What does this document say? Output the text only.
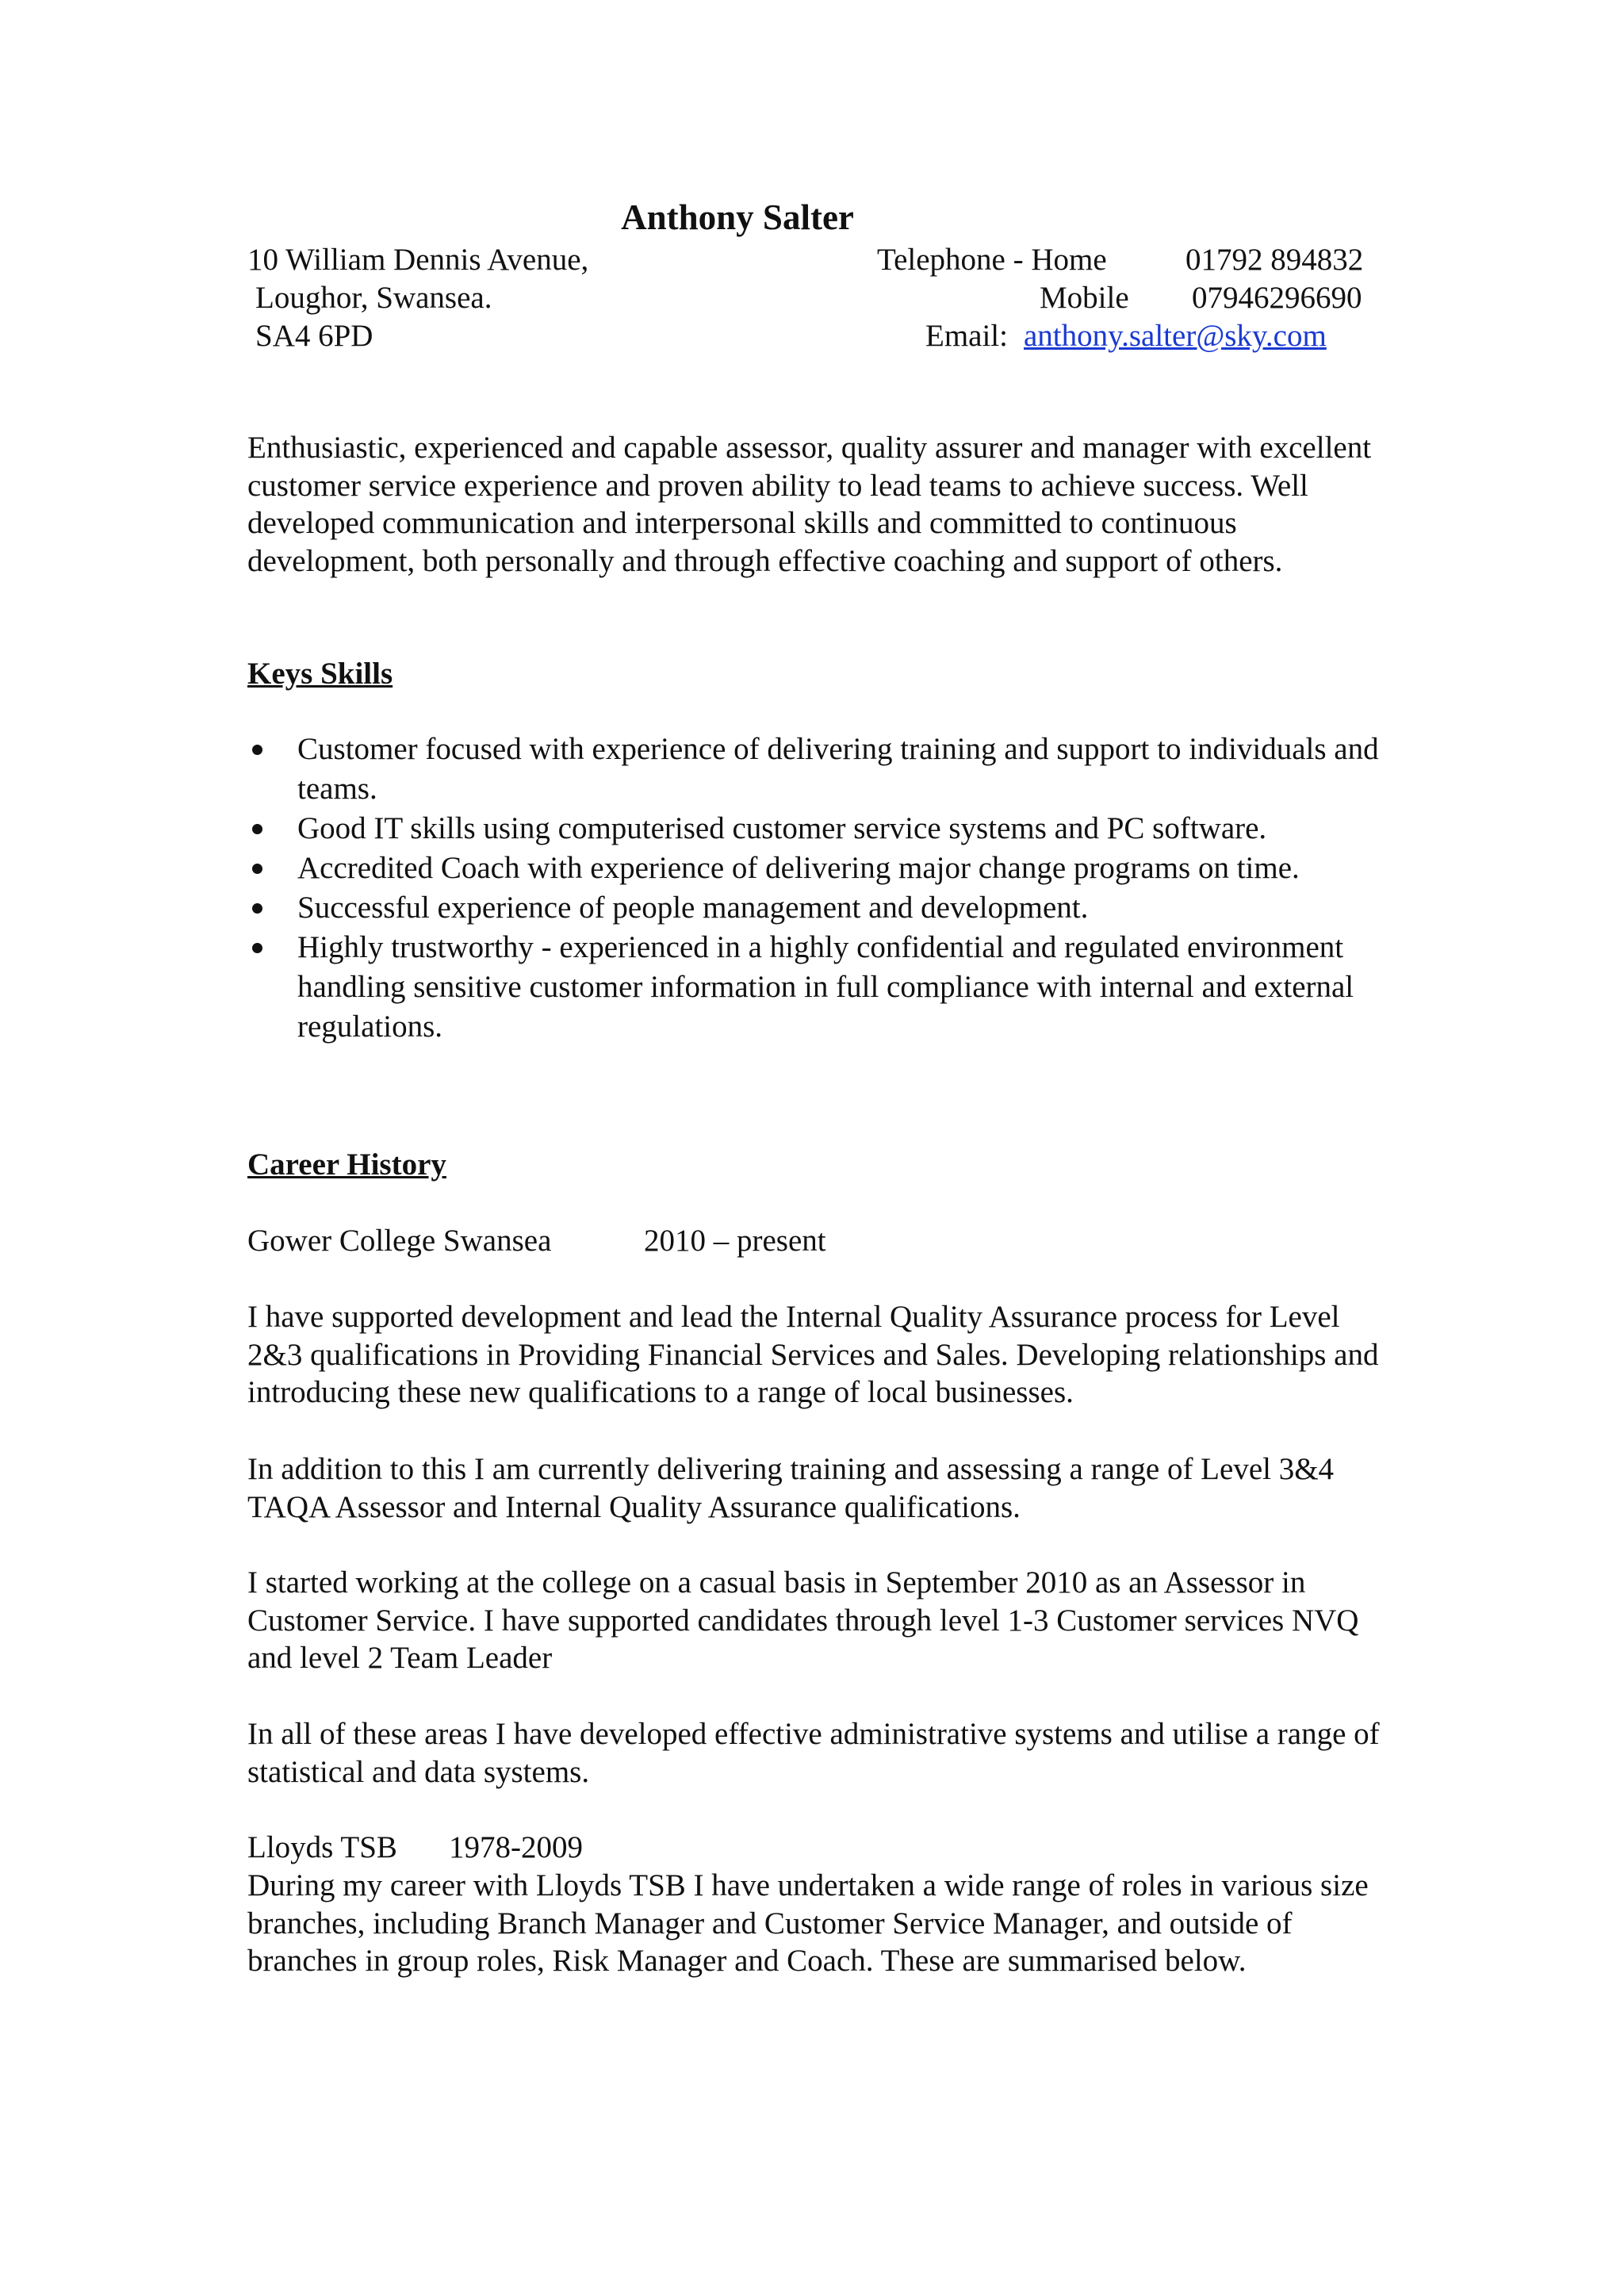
Anthony Salter
10 William Dennis Avenue,
Loughor, Swansea.
SA4 6PD
Telephone - Home	01792 894832
Mobile 07946296690
Email: anthony.salter@sky.com
Enthusiastic, experienced and capable assessor, quality assurer and manager with excellent customer service experience and proven ability to lead teams to achieve success. Well developed communication and interpersonal skills and committed to continuous development, both personally and through effective coaching and support of others.
Keys Skills
Customer focused with experience of delivering training and support to individuals and teams.
Good IT skills using computerised customer service systems and PC software.
Accredited Coach with experience of delivering major change programs on time.
Successful experience of people management and development.
Highly trustworthy - experienced in a highly confidential and regulated environment handling sensitive customer information in full compliance with internal and external regulations.
Career History
Gower College Swansea	2010 – present
I have supported development and lead the Internal Quality Assurance process for Level 2&3 qualifications in Providing Financial Services and Sales. Developing relationships and introducing these new qualifications to a range of local businesses.
In addition to this I am currently delivering training and assessing a range of Level 3&4 TAQA Assessor and Internal Quality Assurance qualifications.
I started working at the college on a casual basis in September 2010 as an Assessor in Customer Service. I have supported candidates through level 1-3 Customer services NVQ and level 2 Team Leader
In all of these areas I have developed effective administrative systems and utilise a range of statistical and data systems.
Lloyds TSB 1978-2009
During my career with Lloyds TSB I have undertaken a wide range of roles in various size branches, including Branch Manager and Customer Service Manager, and outside of branches in group roles, Risk Manager and Coach. These are summarised below.
